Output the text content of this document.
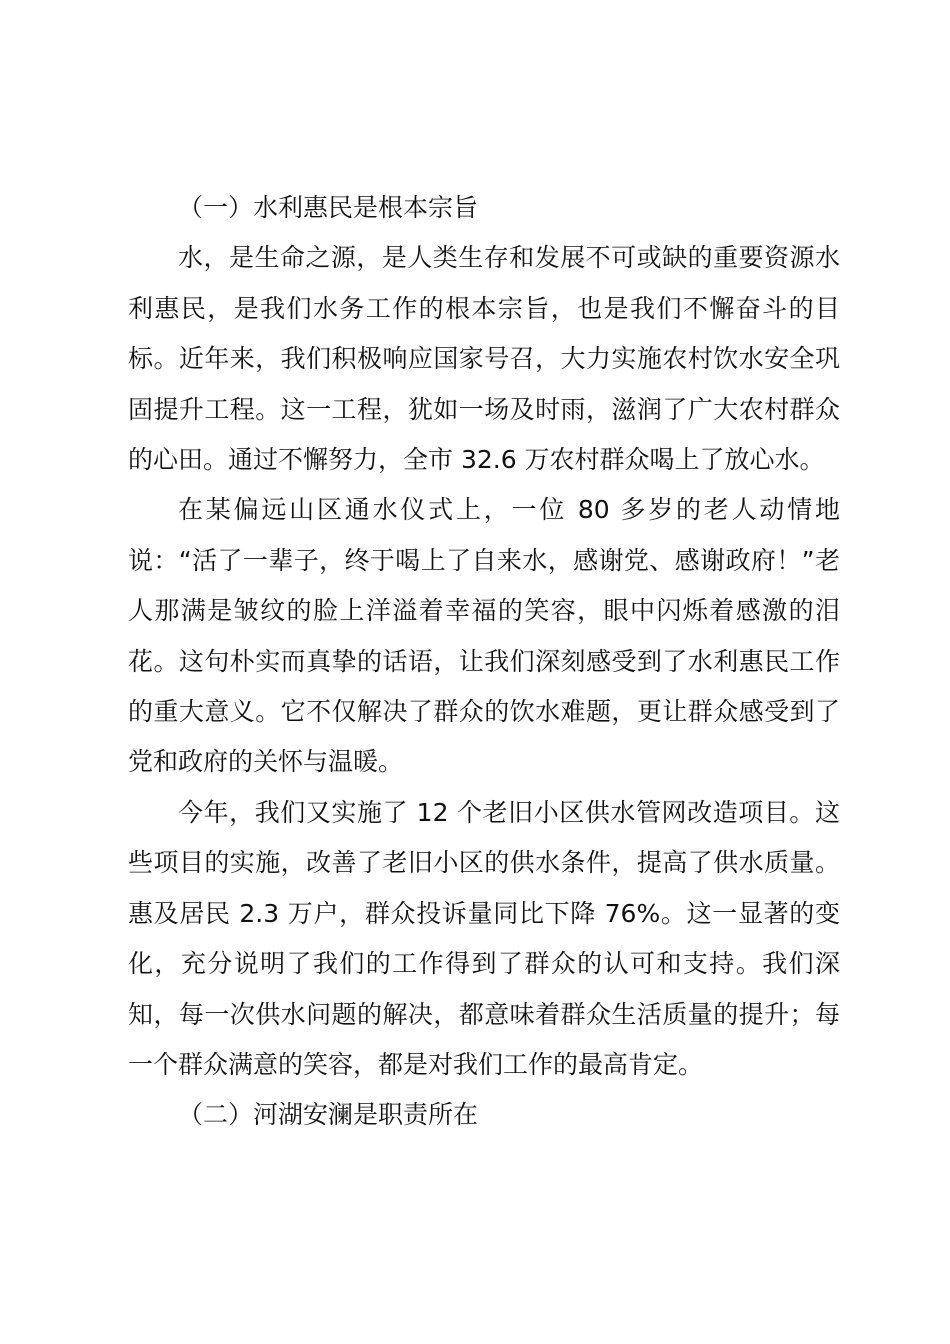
（一）水利惠民是根本宗旨

水，是生命之源，是人类生存和发展不可或缺的重要资源水利惠民，是我们水务工作的根本宗旨，也是我们不懈奋斗的目标。近年来，我们积极响应国家号召，大力实施农村饮水安全巩固提升工程。这一工程，犹如一场及时雨，滋润了广大农村群众的心田。通过不懈努力，全市 32.6 万农村群众喝上了放心水。

在某偏远山区通水仪式上，一位 80 多岁的老人动情地说：“活了一辈子，终于喝上了自来水，感谢党、感谢政府！”老人那满是皱纹的脸上洋溢着幸福的笑容，眼中闪烁着感激的泪花。这句朴实而真挚的话语，让我们深刻感受到了水利惠民工作的重大意义。它不仅解决了群众的饮水难题，更让群众感受到了党和政府的关怀与温暖。

今年，我们又实施了 12 个老旧小区供水管网改造项目。这些项目的实施，改善了老旧小区的供水条件，提高了供水质量。惠及居民 2.3 万户，群众投诉量同比下降 76%。这一显著的变化，充分说明了我们的工作得到了群众的认可和支持。我们深知，每一次供水问题的解决，都意味着群众生活质量的提升；每一个群众满意的笑容，都是对我们工作的最高肯定。

（二）河湖安澜是职责所在
